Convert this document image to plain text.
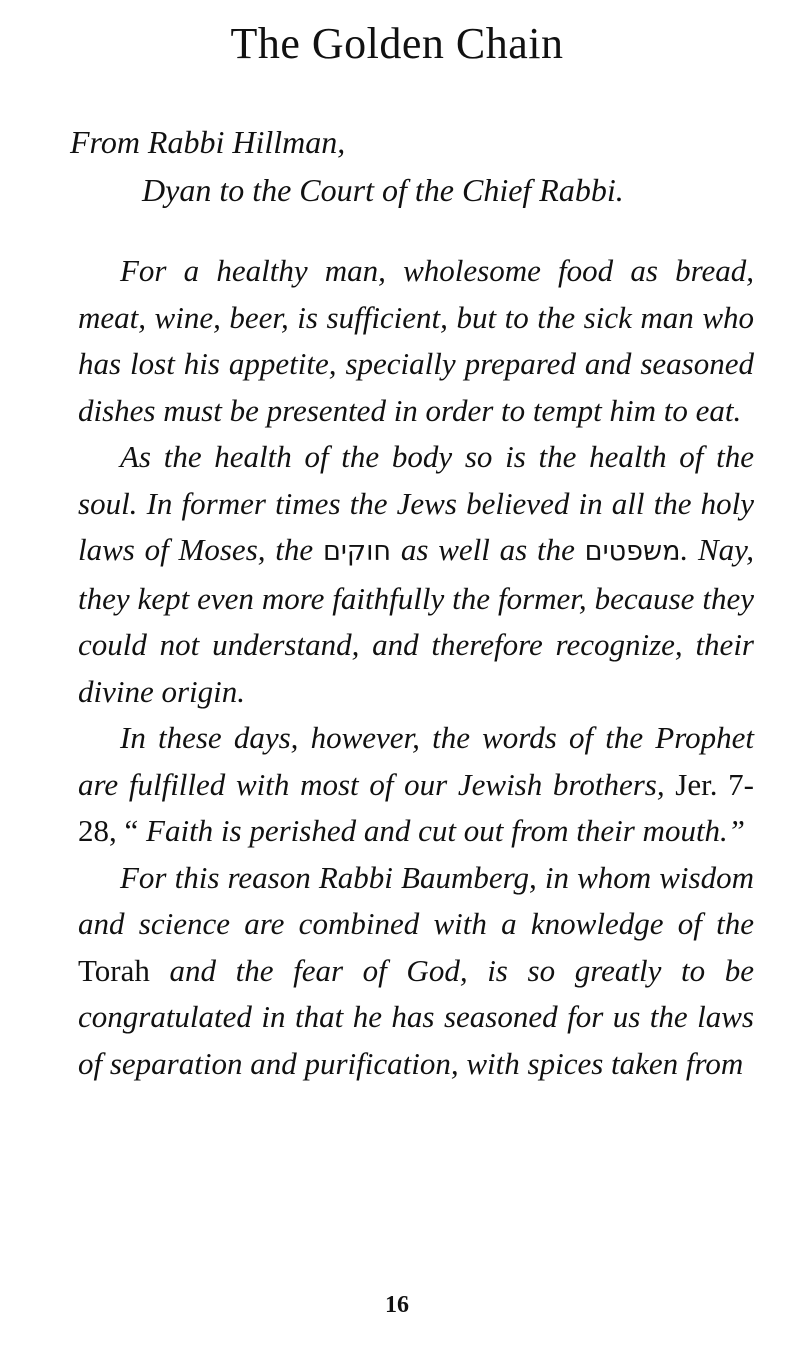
The Golden Chain
From Rabbi Hillman,
Dyan to the Court of the Chief Rabbi.

For a healthy man, wholesome food as bread, meat, wine, beer, is sufficient, but to the sick man who has lost his appetite, specially prepared and seasoned dishes must be presented in order to tempt him to eat.

As the health of the body so is the health of the soul. In former times the Jews believed in all the holy laws of Moses, the חוקים as well as the משפטים. Nay, they kept even more faithfully the former, because they could not understand, and therefore recognize, their divine origin.

In these days, however, the words of the Prophet are fulfilled with most of our Jewish brothers, Jer. 7-28, “ Faith is perished and cut out from their mouth.”

For this reason Rabbi Baumberg, in whom wisdom and science are combined with a knowledge of the Torah and the fear of God, is so greatly to be congratulated in that he has seasoned for us the laws of separation and purification, with spices taken from

16
